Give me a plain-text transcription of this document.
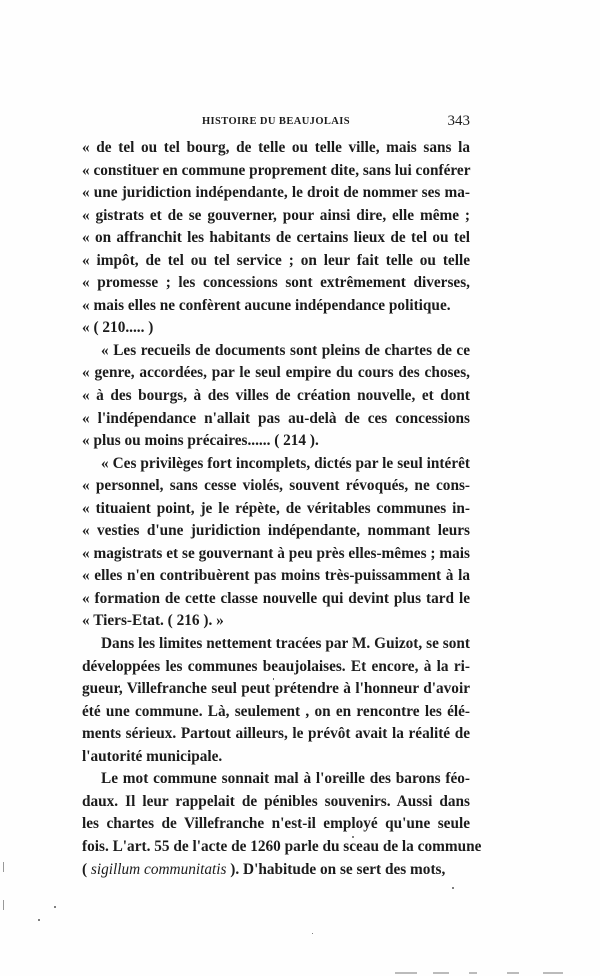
HISTOIRE DU BEAUJOLAIS	343
« de tel ou tel bourg, de telle ou telle ville, mais sans la
« constituer en commune proprement dite, sans lui conférer
« une juridiction indépendante, le droit de nommer ses ma-
« gistrats et de se gouverner, pour ainsi dire, elle même ;
« on affranchit les habitants de certains lieux de tel ou tel
« impôt, de tel ou tel service ; on leur fait telle ou telle
« promesse ; les concessions sont extrêmement diverses,
« mais elles ne confèrent aucune indépendance politique.
« ( 210..... )
« Les recueils de documents sont pleins de chartes de ce
« genre, accordées, par le seul empire du cours des choses,
« à des bourgs, à des villes de création nouvelle, et dont
« l'indépendance n'allait pas au-delà de ces concessions
« plus ou moins précaires...... ( 214 ).
« Ces privilèges fort incomplets, dictés par le seul intérêt
« personnel, sans cesse violés, souvent révoqués, ne cons-
« tituaient point, je le répète, de véritables communes in-
« vesties d'une juridiction indépendante, nommant leurs
« magistrats et se gouvernant à peu près elles-mêmes ; mais
« elles n'en contribuèrent pas moins très-puissamment à la
« formation de cette classe nouvelle qui devint plus tard le
« Tiers-Etat. ( 216 ). »
Dans les limites nettement tracées par M. Guizot, se sont
développées les communes beaujolaises. Et encore, à la ri-
gueur, Villefranche seul peut prétendre à l'honneur d'avoir
été une commune. Là, seulement , on en rencontre les élé-
ments sérieux. Partout ailleurs, le prévôt avait la réalité de
l'autorité municipale.
Le mot commune sonnait mal à l'oreille des barons féo-
daux. Il leur rappelait de pénibles souvenirs. Aussi dans
les chartes de Villefranche n'est-il employé qu'une seule
fois. L'art. 55 de l'acte de 1260 parle du sceau de la commune
( sigillum communitatis ). D'habitude on se sert des mots,
